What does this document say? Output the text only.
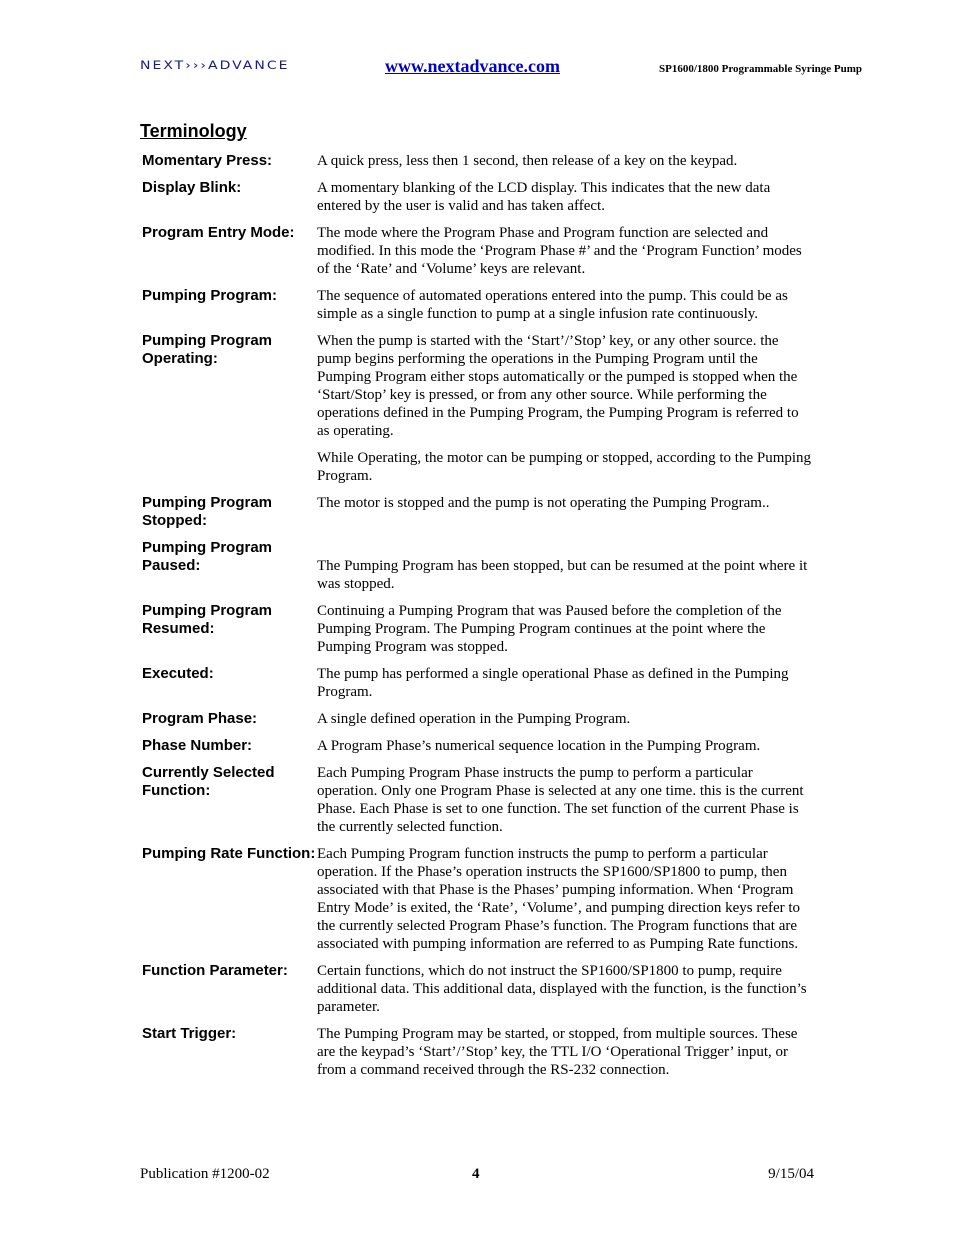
NEXT›››ADVANCE	www.nextadvance.com	SP1600/1800 Programmable Syringe Pump
Terminology
Momentary Press:	A quick press, less then 1 second, then release of a key on the keypad.

Display Blink:	A momentary blanking of the LCD display. This indicates that the new data entered by the user is valid and has taken affect.

Program Entry Mode:	The mode where the Program Phase and Program function are selected and modified. In this mode the ‘Program Phase #’ and the ‘Program Function’ modes of the ‘Rate’ and ‘Volume’ keys are relevant.

Pumping Program:	The sequence of automated operations entered into the pump. This could be as simple as a single function to pump at a single infusion rate continuously.

Pumping Program Operating:

When the pump is started with the ‘Start’/’Stop’ key, or any other source. the pump begins performing the operations in the Pumping Program until the Pumping Program either stops automatically or the pumped is stopped when the ‘Start/Stop’ key is pressed, or from any other source. While performing the operations defined in the Pumping Program, the Pumping Program is referred to as operating.

While Operating, the motor can be pumping or stopped, according to the Pumping Program.

Pumping Program Stopped:

The motor is stopped and the pump is not operating the Pumping Program..

Pumping Program Paused:	The Pumping Program has been stopped, but can be resumed at the point where it was stopped.

Pumping Program Resumed:

Continuing a Pumping Program that was Paused before the completion of the Pumping Program. The Pumping Program continues at the point where the Pumping Program was stopped.

Executed:	The pump has performed a single operational Phase as defined in the Pumping Program.

Program Phase:	A single defined operation in the Pumping Program.

Phase Number:	A Program Phase’s numerical sequence location in the Pumping Program.

Currently Selected Function:

Each Pumping Program Phase instructs the pump to perform a particular operation. Only one Program Phase is selected at any one time. this is the current Phase. Each Phase is set to one function. The set function of the current Phase is the currently selected function.

Pumping Rate Function: Each Pumping Program function instructs the pump to perform a particular operation. If the Phase’s operation instructs the SP1600/SP1800 to pump, then associated with that Phase is the Phases’ pumping information. When ‘Program Entry Mode’ is exited, the ‘Rate’, ‘Volume’, and pumping direction keys refer to the currently selected Program Phase’s function. The Program functions that are associated with pumping information are referred to as Pumping Rate functions.

Function Parameter:	Certain functions, which do not instruct the SP1600/SP1800 to pump, require additional data. This additional data, displayed with the function, is the function’s parameter.

Start Trigger:	The Pumping Program may be started, or stopped, from multiple sources. These are the keypad’s ‘Start’/’Stop’ key, the TTL I/O ‘Operational Trigger’ input, or from a command received through the RS-232 connection.

Publication #1200-02	4	9/15/04
